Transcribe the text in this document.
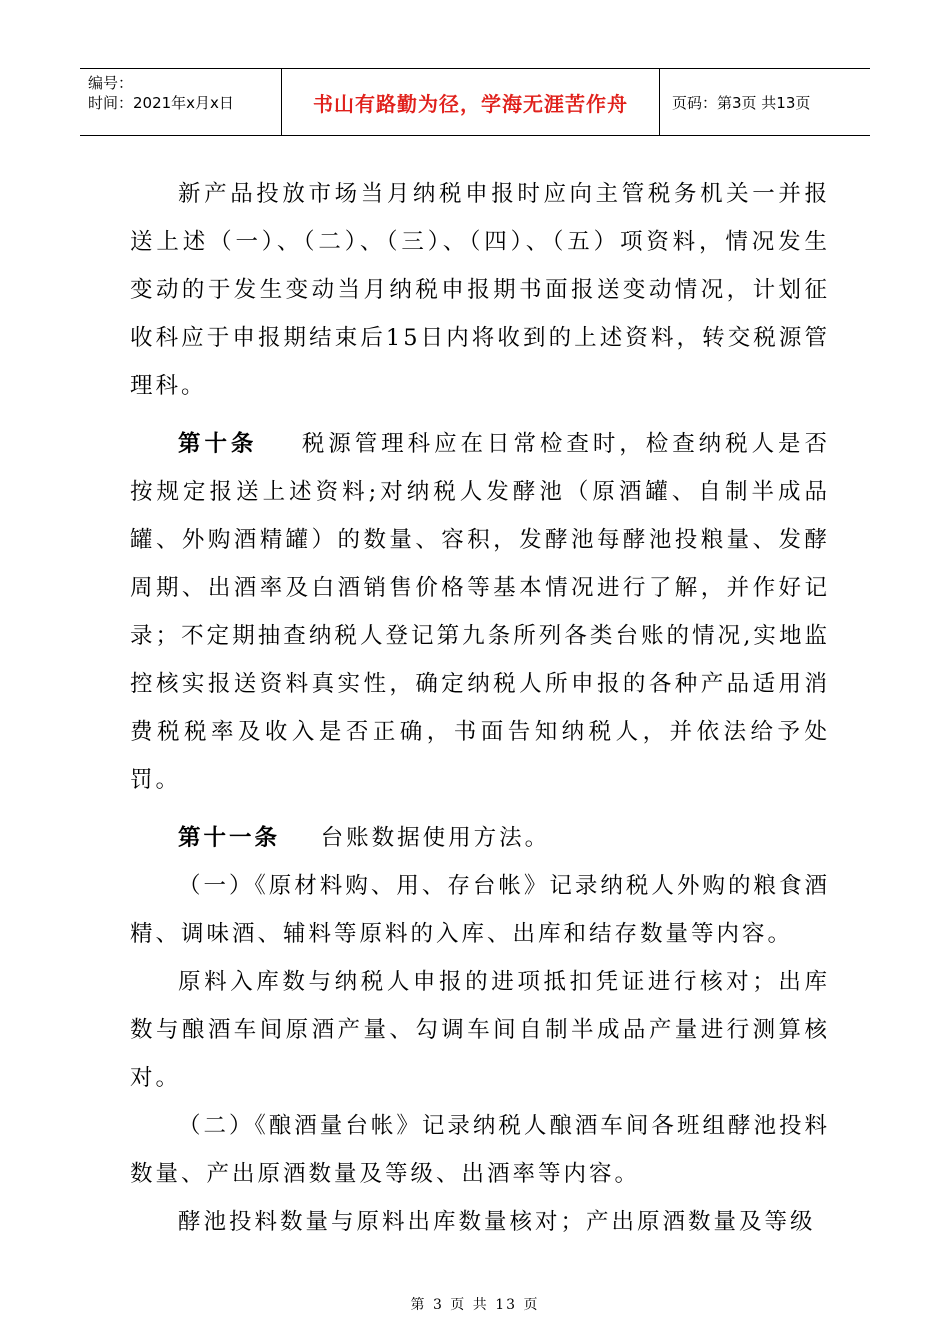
编号：
时间：2021年x月x日	书山有路勤为径，学海无涯苦作舟	页码：第3页 共13页

新产品投放市场当月纳税申报时应向主管税务机关一并报送上述（一）、（二）、（三）、（四）、（五）项资料，情况发生变动的于发生变动当月纳税申报期书面报送变动情况，计划征收科应于申报期结束后15日内将收到的上述资料，转交税源管理科。

第十条 税源管理科应在日常检查时，检查纳税人是否按规定报送上述资料;对纳税人发酵池（原酒罐、自制半成品罐、外购酒精罐）的数量、容积，发酵池每酵池投粮量、发酵周期、出酒率及白酒销售价格等基本情况进行了解，并作好记录；不定期抽查纳税人登记第九条所列各类台账的情况,实地监控核实报送资料真实性，确定纳税人所申报的各种产品适用消费税税率及收入是否正确，书面告知纳税人，并依法给予处罚。

第十一条 台账数据使用方法。

（一）《原材料购、用、存台帐》记录纳税人外购的粮食酒精、调味酒、辅料等原料的入库、出库和结存数量等内容。

原料入库数与纳税人申报的进项抵扣凭证进行核对；出库数与酿酒车间原酒产量、勾调车间自制半成品产量进行测算核对。

（二）《酿酒量台帐》记录纳税人酿酒车间各班组酵池投料数量、产出原酒数量及等级、出酒率等内容。

酵池投料数量与原料出库数量核对；产出原酒数量及等级

第 3 页 共 13 页
